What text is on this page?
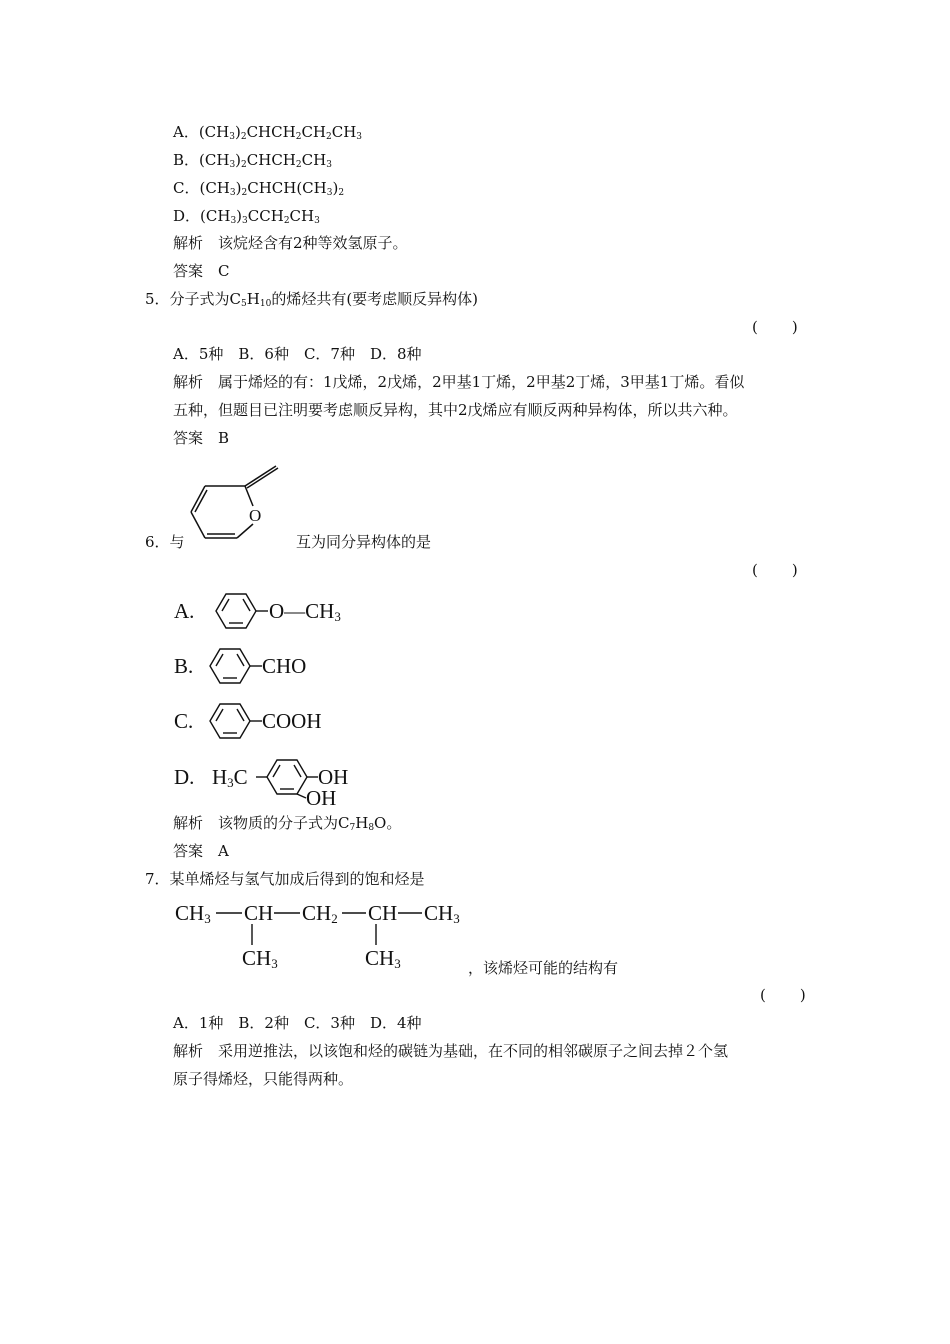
A．$(CH_3)_2CHCH_2CH_2CH_3$
B．$(CH_3)_2CHCH_2CH_3$
C．$(CH_3)_2CHCH(CH_3)_2$
D．$(CH_3)_3CCH_2CH_3$
解析　该烷烃含有2种等效氢原子。
答案　C
5．分子式为$C_5H_{10}$的烯烃共有(要考虑顺反异构体)
( )
A．5种　B．6种　C．7种　D．8种
解析　属于烯烃的有：1戊烯，2戊烯，2甲基1丁烯，2甲基2丁烯，3甲基1丁烯。看似
五种，但题目已注明要考虑顺反异构，其中2戊烯应有顺反两种异构体，所以共六种。
答案　B
O
6．与	互为同分异构体的是
( )
A.	O—CH3
B.	CHO
C.	COOH
D. H3C	OH
OH
解析　该物质的分子式为$C_7H_8O$。
答案　A
7．某单烯烃与氢气加成后得到的饱和烃是
CH3 CH CH2 CH CH3
CH3	CH3	，该烯烃可能的结构有
( )
A．1种　B．2种　C．3种　D．4种
解析　采用逆推法，以该饱和烃的碳链为基础，在不同的相邻碳原子之间去掉２个氢
原子得烯烃，只能得两种。
